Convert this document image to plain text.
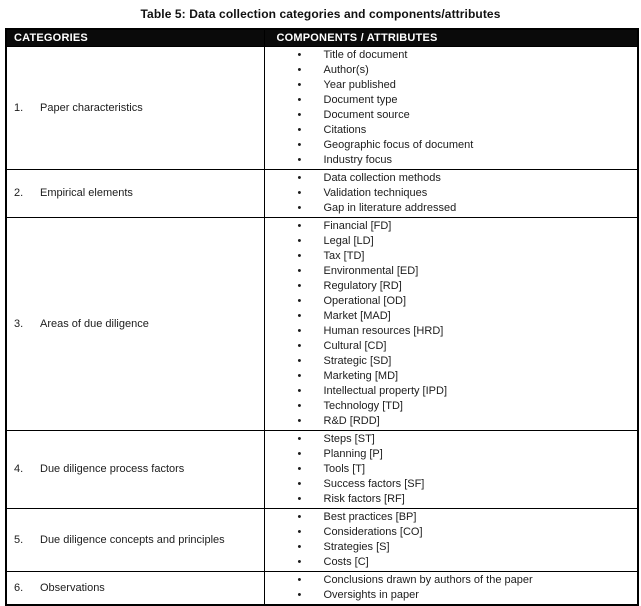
Table 5: Data collection categories and components/attributes
CATEGORIES	COMPONENTS / ATTRIBUTES
1. Paper characteristics	
• Title of document
• Author(s)
• Year published
• Document type
• Document source
• Citations
• Geographic focus of document
• Industry focus

2. Empirical elements	
• Data collection methods
• Validation techniques
• Gap in literature addressed

3. Areas of due diligence	
• Financial [FD]
• Legal [LD]
• Tax [TD]
• Environmental [ED]
• Regulatory [RD]
• Operational [OD]
• Market [MAD]
• Human resources [HRD]
• Cultural [CD]
• Strategic [SD]
• Marketing [MD]
• Intellectual property [IPD]
• Technology [TD]
• R&D [RDD]

4. Due diligence process factors	
• Steps [ST]
• Planning [P]
• Tools [T]
• Success factors [SF]
• Risk factors [RF]

5. Due diligence concepts and principles	
• Best practices [BP]
• Considerations [CO]
• Strategies [S]
• Costs [C]

6. Observations	
• Conclusions drawn by authors of the paper
• Oversights in paper
